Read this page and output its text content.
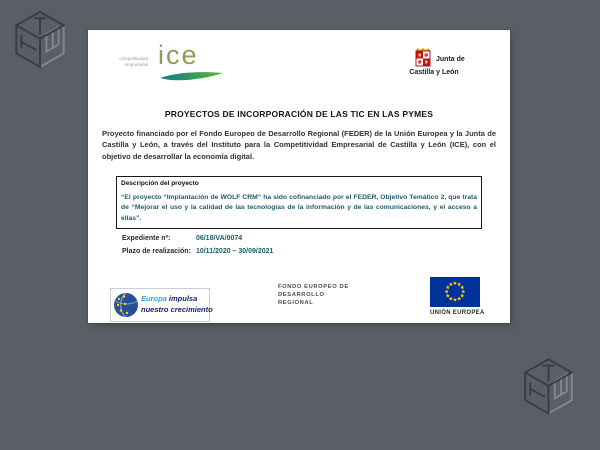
competitividad
empresarial ice	Junta de
Castilla y León
PROYECTOS DE INCORPORACIÓN DE LAS TIC EN LAS PYMES
Proyecto financiado por el Fondo Europeo de Desarrollo Regional (FEDER) de la Unión Europea y la Junta de Castilla y León, a través del Instituto para la Competitividad Empresarial de Castilla y León (ICE), con el objetivo de desarrollar la economía digital.
Descripción del proyecto
“El proyecto “Implantación de WOLF CRM” ha sido cofinanciado por el FEDER, Objetivo Temático 2, que trata de “Mejorar el uso y la calidad de las tecnologías de la información y de las comunicaciones, y el acceso a ellas”.
Expediente nº:	06/18/VA/0074
Plazo de realización: 10/11/2020 – 30/09/2021
Europa impulsa
nuestro crecimiento
FONDO EUROPEO DE
DESARROLLO
REGIONAL
UNIÓN EUROPEA
